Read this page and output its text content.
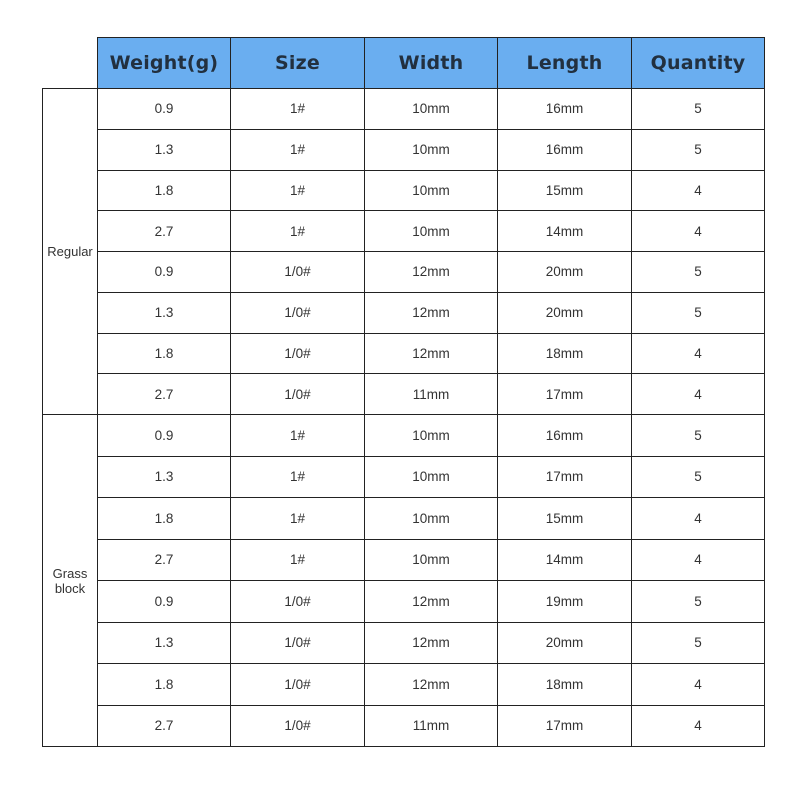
	Weight(g)	Size	Width	Length	Quantity
Regular	0.9	1#	10mm	16mm	5
	1.3	1#	10mm	16mm	5
	1.8	1#	10mm	15mm	4
	2.7	1#	10mm	14mm	4
	0.9	1/0#	12mm	20mm	5
	1.3	1/0#	12mm	20mm	5
	1.8	1/0#	12mm	18mm	4
	2.7	1/0#	11mm	17mm	4
Grass block	0.9	1#	10mm	16mm	5
	1.3	1#	10mm	17mm	5
	1.8	1#	10mm	15mm	4
	2.7	1#	10mm	14mm	4
	0.9	1/0#	12mm	19mm	5
	1.3	1/0#	12mm	20mm	5
	1.8	1/0#	12mm	18mm	4
	2.7	1/0#	11mm	17mm	4
